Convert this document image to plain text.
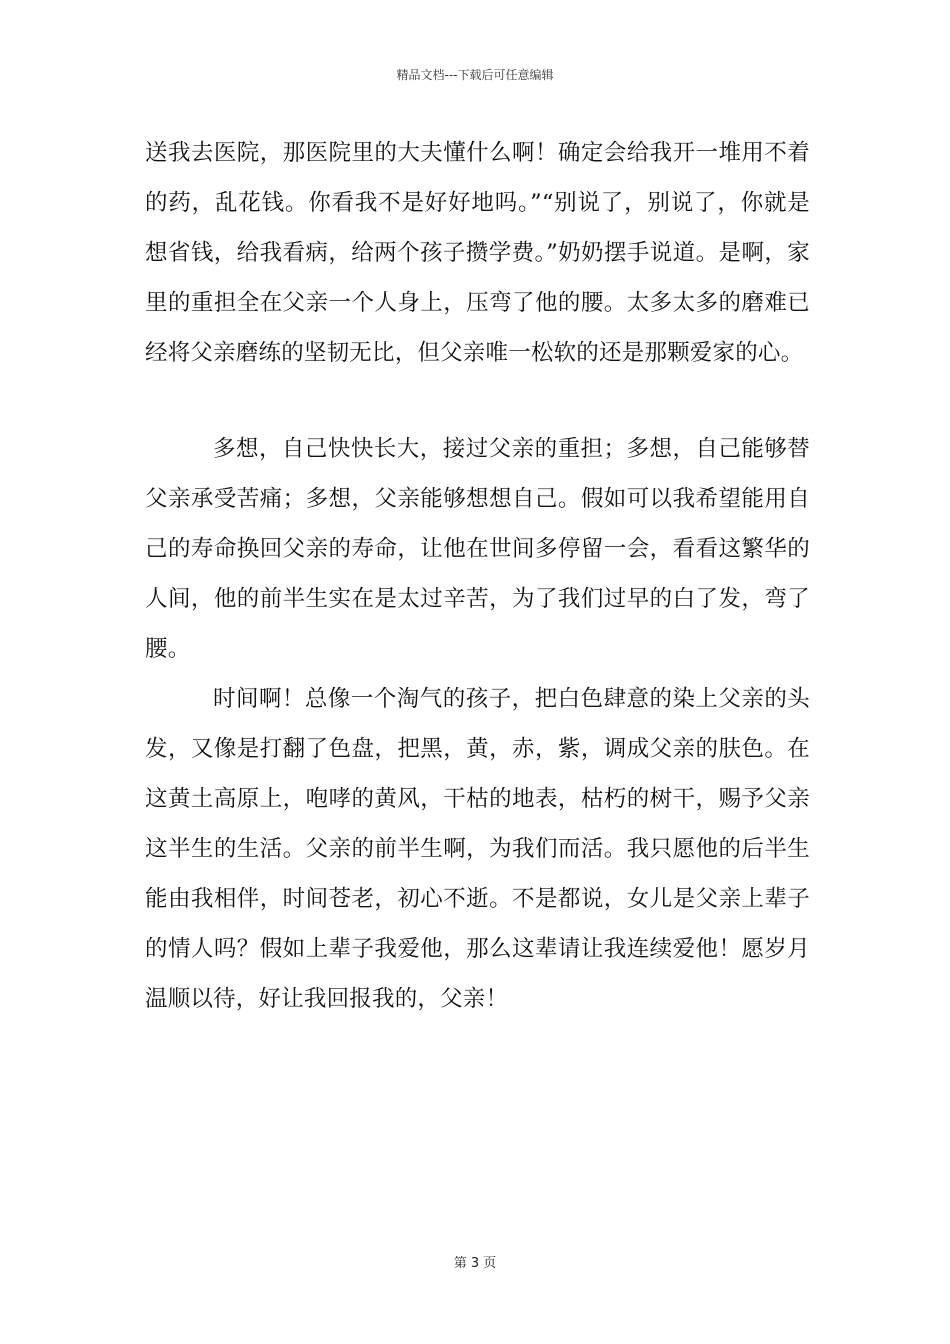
精品文档---下载后可任意编辑

送我去医院，那医院里的大夫懂什么啊！确定会给我开一堆用不着的药，乱花钱。你看我不是好好地吗。”“别说了，别说了，你就是想省钱，给我看病，给两个孩子攒学费。”奶奶摆手说道。是啊，家里的重担全在父亲一个人身上，压弯了他的腰。太多太多的磨难已经将父亲磨练的坚韧无比，但父亲唯一松软的还是那颗爱家的心。

多想，自己快快长大，接过父亲的重担；多想，自己能够替父亲承受苦痛；多想，父亲能够想想自己。假如可以我希望能用自己的寿命换回父亲的寿命，让他在世间多停留一会，看看这繁华的人间，他的前半生实在是太过辛苦，为了我们过早的白了发，弯了腰。

时间啊！总像一个淘气的孩子，把白色肆意的染上父亲的头发，又像是打翻了色盘，把黑，黄，赤，紫，调成父亲的肤色。在这黄土高原上，咆哮的黄风，干枯的地表，枯朽的树干，赐予父亲这半生的生活。父亲的前半生啊，为我们而活。我只愿他的后半生能由我相伴，时间苍老，初心不逝。不是都说，女儿是父亲上辈子的情人吗？假如上辈子我爱他，那么这辈请让我连续爱他！愿岁月温顺以待，好让我回报我的，父亲！

第 3 页
